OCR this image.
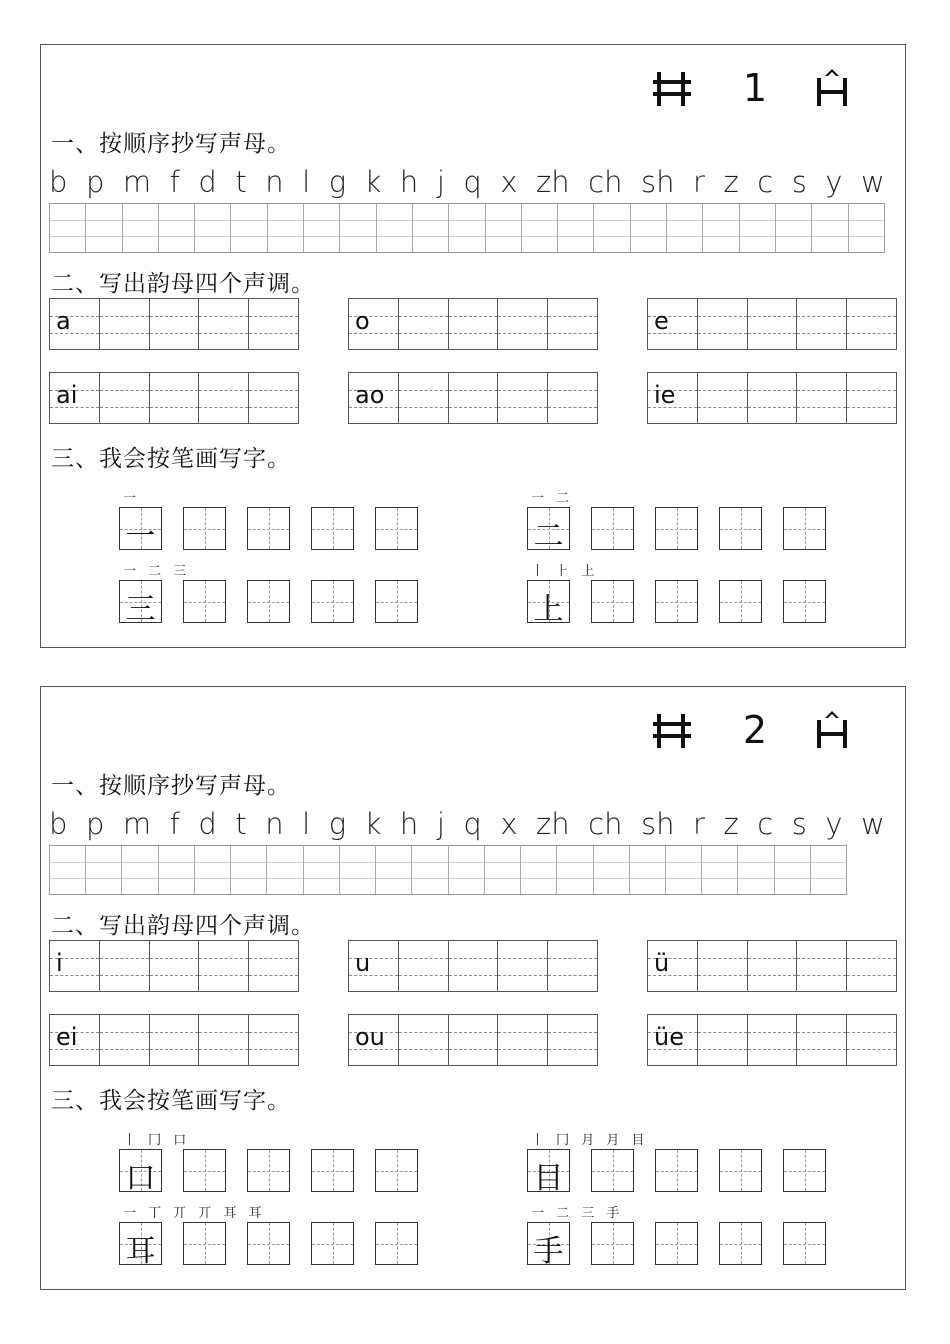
1
一、按顺序抄写声母。
b p m f d t n l g k h j q x zh ch sh r z c s y w
二、写出韵母四个声调。
a	o	e
ai	ao	ie
三、我会按笔画写字。
一
一
一 二
二
一 二 三
三
丨 ⺊ 上
上
2
一、按顺序抄写声母。
b p m f d t n l g k h j q x zh ch sh r z c s y w
二、写出韵母四个声调。
i	u	ü
ei	ou	üe
三、我会按笔画写字。
丨 冂 口
口
丨 冂 月 月 目
目
一 丅 丌 丌 耳 耳
耳
一 二 三 手
手
